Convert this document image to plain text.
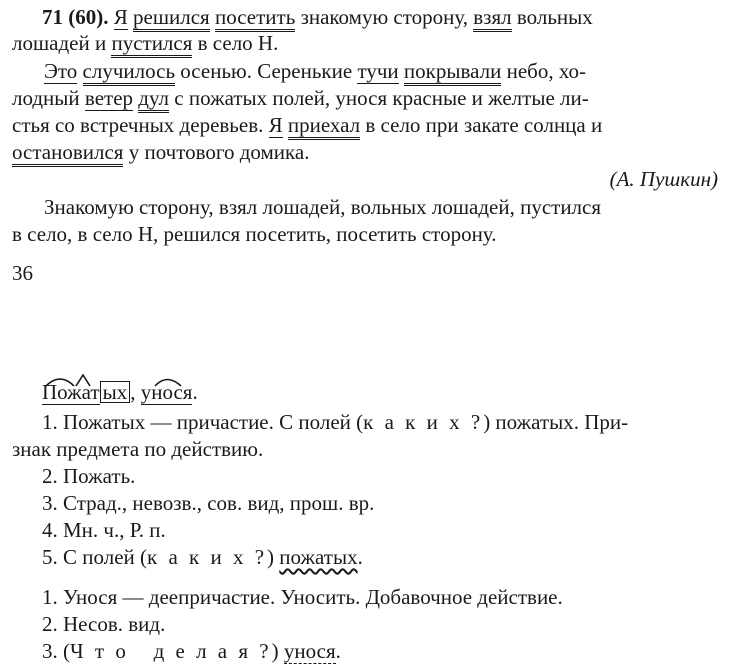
71 (60). Я решился посетить знакомую сторону, взял вольных
лошадей и пустился в село Н.
Это случилось осенью. Серенькие тучи покрывали небо, хо-
лодный ветер дул с пожатых полей, унося красные и желтые ли-
стья со встречных деревьев. Я приехал в село при закате солнца и
остановился у почтового домика.
(А. Пушкин)
Знакомую сторону, взял лошадей, вольных лошадей, пустился
в село, в село Н, решился посетить, посетить сторону.
36
Пожат ых ,
унося.
1. Пожатых — причастие. С полей (к а к и х ?) пожатых. При-
знак предмета по действию.
2. Пожать.
3. Страд., невозв., сов. вид, прош. вр.
4. Мн. ч., Р. п.
5. С полей (к а к и х ?) пожатых.
1. Унося — деепричастие. Уносить. Добавочное действие.
2. Несов. вид.
3. (Ч т о   д е л а я ?) унося.
